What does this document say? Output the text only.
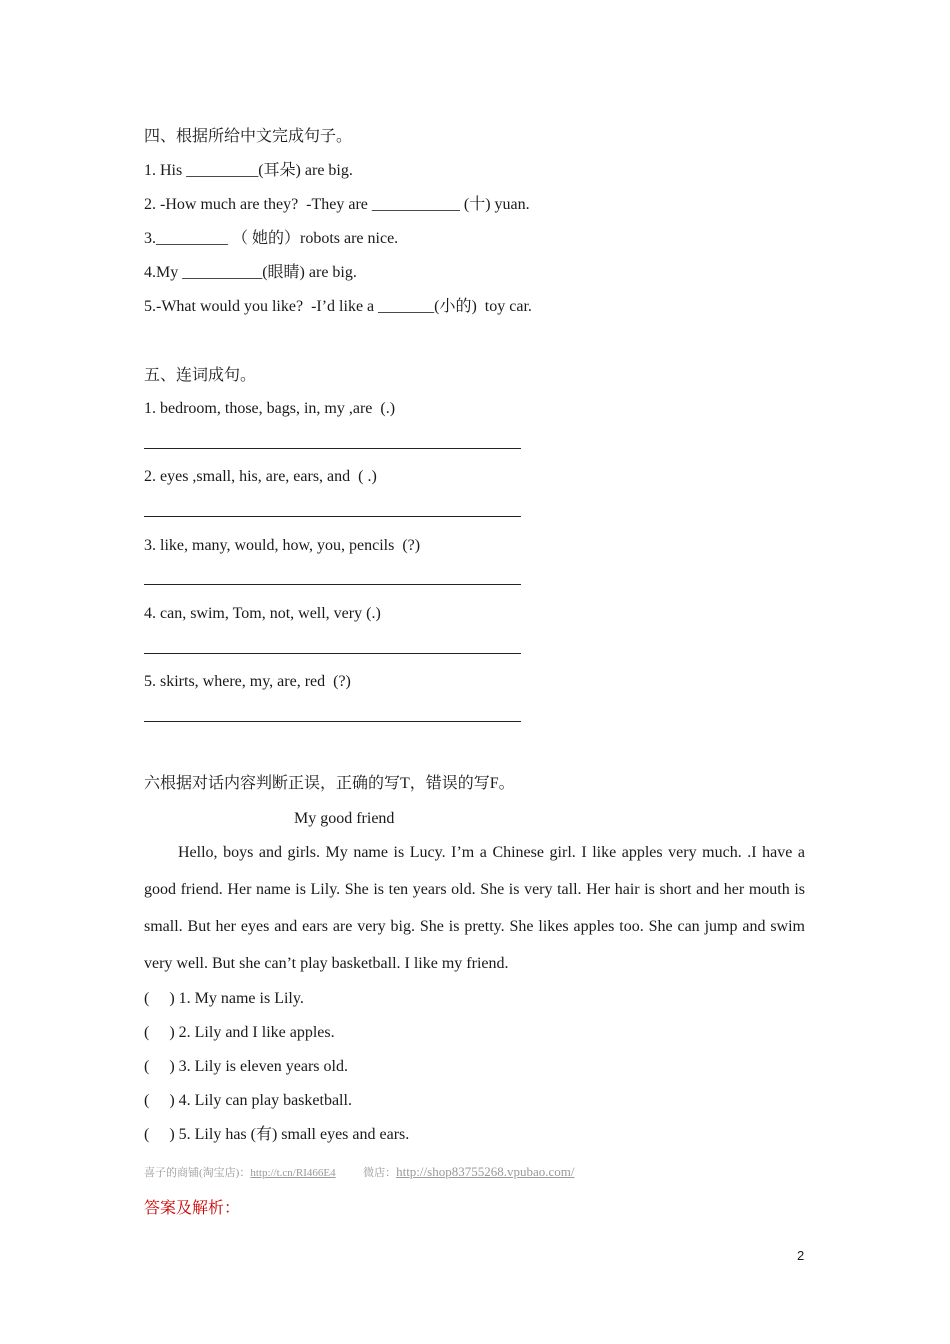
四、根据所给中文完成句子。
1. His _________(耳朵) are big.
2. -How much are they?  -They are ___________ (十) yuan.
3._________ （ 她的）robots are nice.
4.My __________(眼睛) are big.
5.-What would you like?  -I’d like a _______(小的)  toy car.
五、连词成句。
1. bedroom, those, bags, in, my ,are  (.)
2. eyes ,small, his, are, ears, and  ( .)
3. like, many, would, how, you, pencils  (?)
4. can, swim, Tom, not, well, very (.)
5. skirts, where, my, are, red  (?)
六根据对话内容判断正误，正确的写T，错误的写F。
My good friend
Hello, boys and girls. My name is Lucy. I’m a Chinese girl. I like apples very much. .I have a good friend. Her name is Lily. She is ten years old. She is very tall. Her hair is short and her mouth is small. But her eyes and ears are very big. She is pretty. She likes apples too. She can jump and swim very well. But she can’t play basketball. I like my friend.
(     ) 1. My name is Lily.
(     ) 2. Lily and I like apples.
(     ) 3. Lily is eleven years old.
(     ) 4. Lily can play basketball.
(     ) 5. Lily has (有) small eyes and ears.
喜子的商铺(淘宝店)：http://t.cn/RI466E4	微店：http://shop83755268.vpubao.com/
答案及解析：
2
